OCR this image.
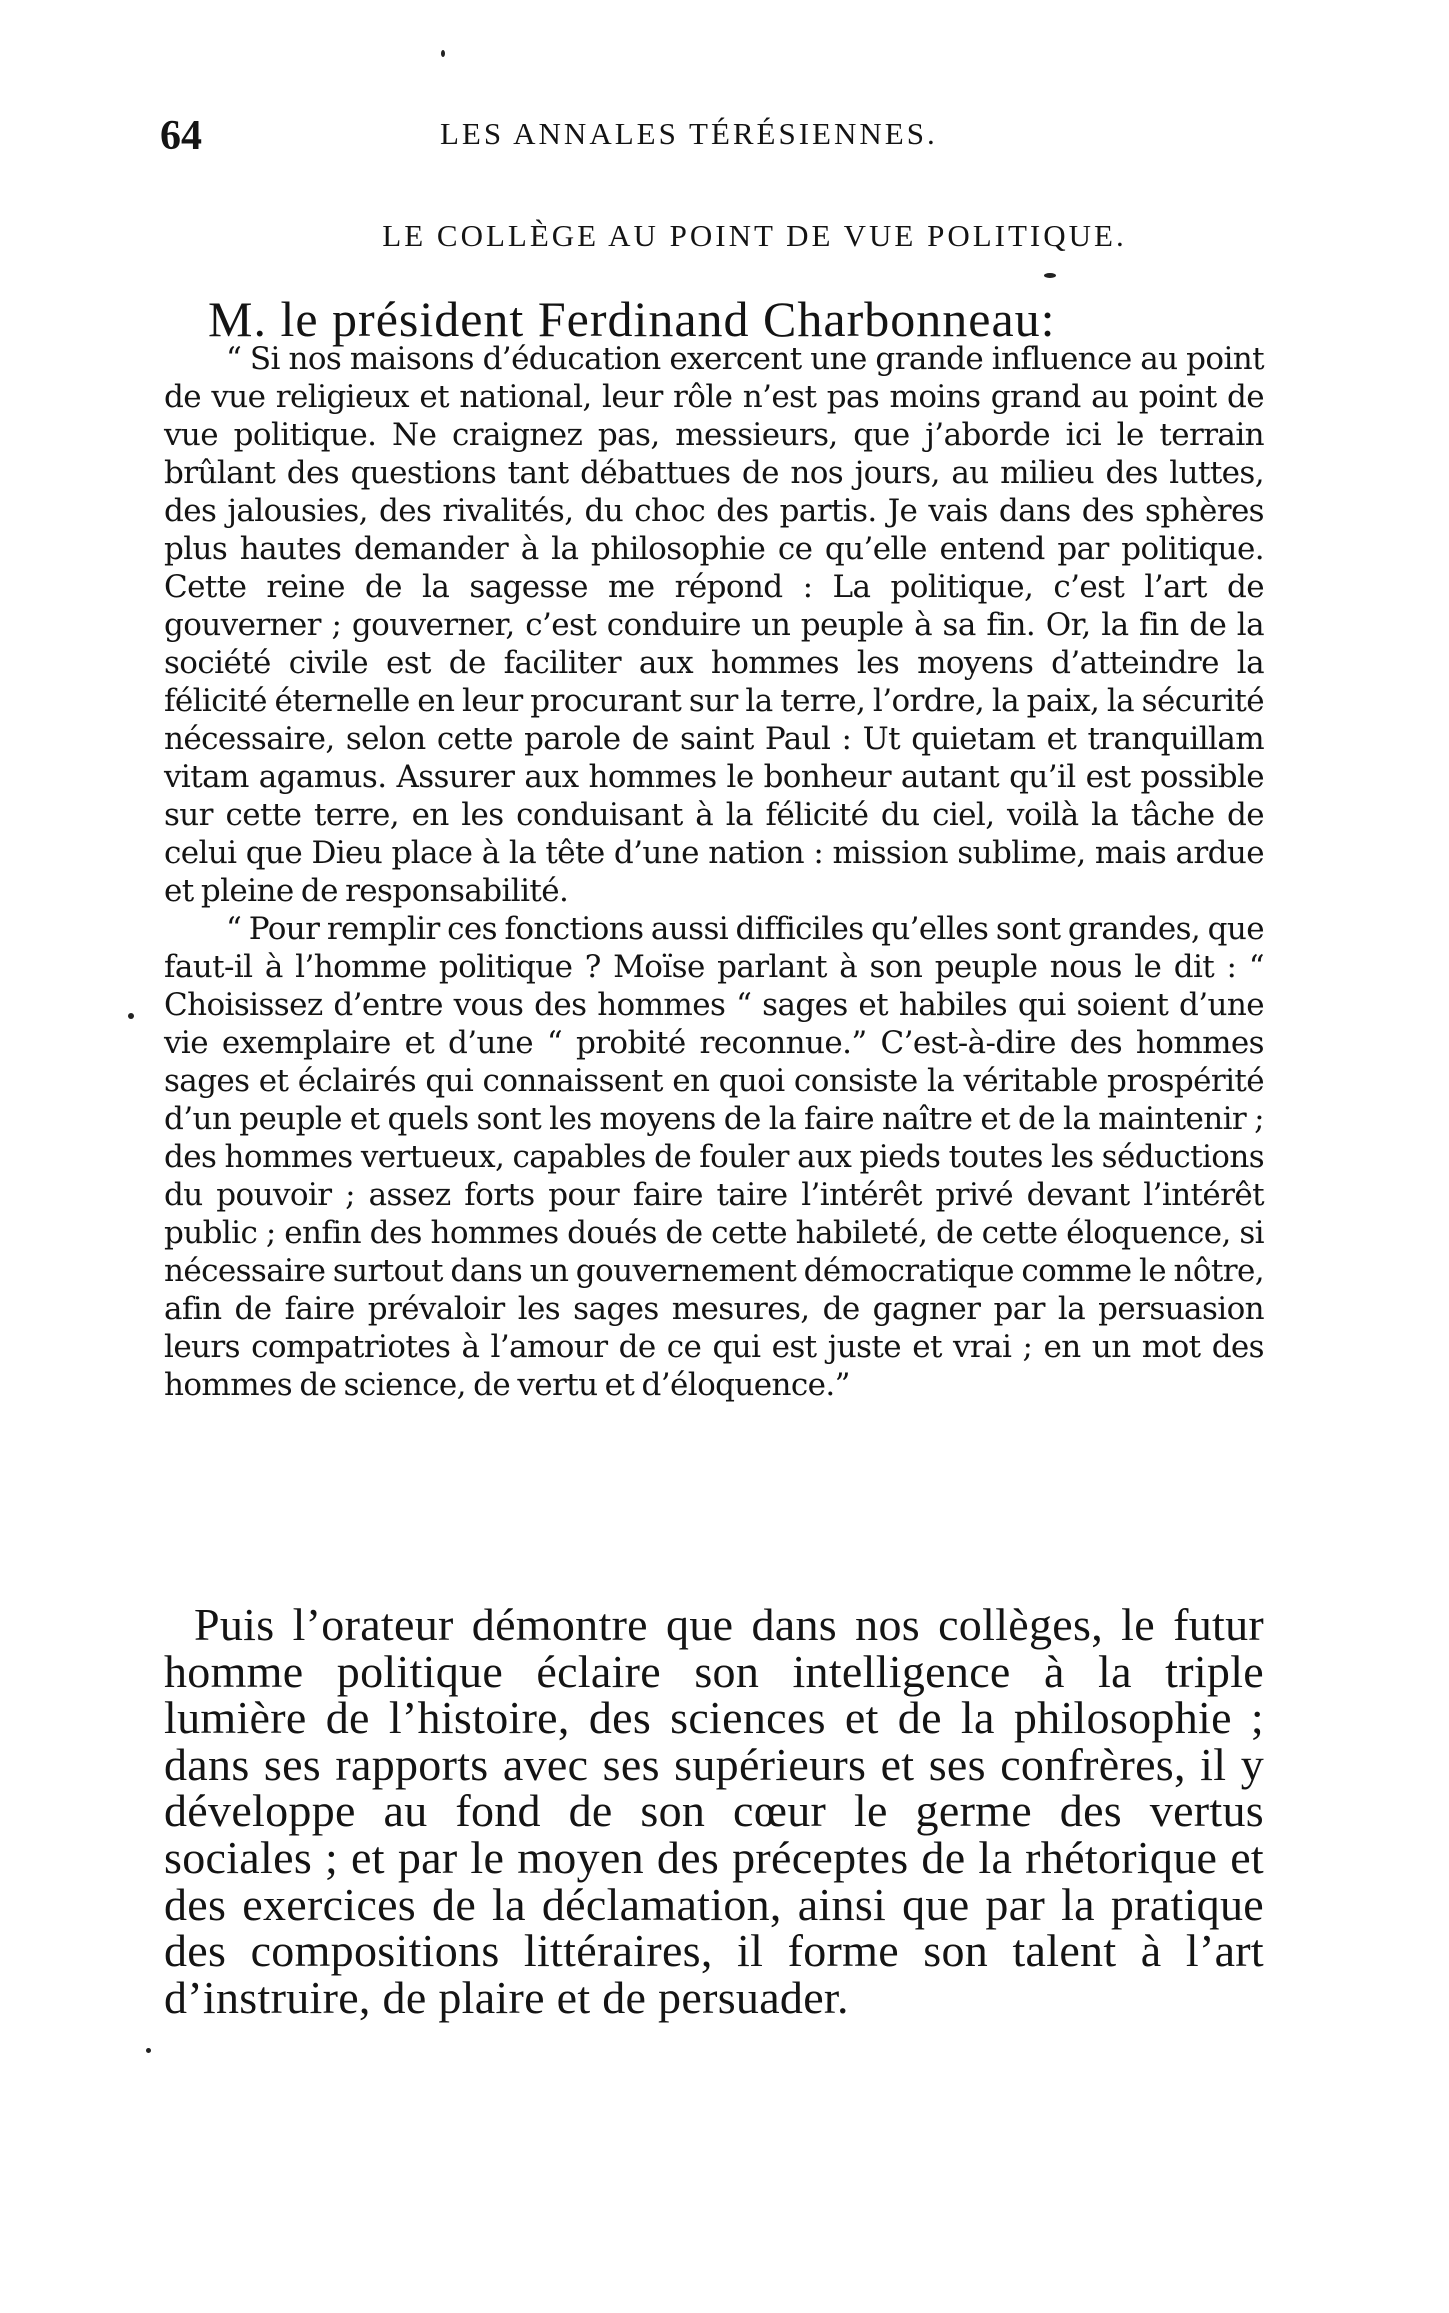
64	LES ANNALES TÉRÉSIENNES.
LE COLLÈGE AU POINT DE VUE POLITIQUE.
M. le président Ferdinand Charbonneau:

“ Si nos maisons d’éducation exercent une grande influence au point de vue religieux et national, leur rôle n’est pas moins grand au point de vue politique. Ne craignez pas, messieurs, que j’aborde ici le terrain brûlant des questions tant débattues de nos jours, au milieu des luttes, des jalousies, des rivalités, du choc des partis. Je vais dans des sphères plus hautes demander à la philosophie ce qu’elle entend par politique. Cette reine de la sagesse me répond : La politique, c’est l’art de gouverner ; gouverner, c’est conduire un peuple à sa fin. Or, la fin de la société civile est de faciliter aux hommes les moyens d’atteindre la félicité éternelle en leur procurant sur la terre, l’ordre, la paix, la sécurité nécessaire, selon cette parole de saint Paul : Ut quietam et tranquillam vitam agamus. Assurer aux hommes le bonheur autant qu’il est possible sur cette terre, en les conduisant à la félicité du ciel, voilà la tâche de celui que Dieu place à la tête d’une nation : mission sublime, mais ardue et pleine de responsabilité.

“ Pour remplir ces fonctions aussi difficiles qu’elles sont grandes, que faut-il à l’homme politique ? Moïse parlant à son peuple nous le dit : “ Choisissez d’entre vous des hommes “ sages et habiles qui soient d’une vie exemplaire et d’une “ probité reconnue.” C’est-à-dire des hommes sages et éclairés qui connaissent en quoi consiste la véritable prospérité d’un peuple et quels sont les moyens de la faire naître et de la maintenir ; des hommes vertueux, capables de fouler aux pieds toutes les séductions du pouvoir ; assez forts pour faire taire l’intérêt privé devant l’intérêt public ; enfin des hommes doués de cette habileté, de cette éloquence, si nécessaire surtout dans un gouvernement démocratique comme le nôtre, afin de faire prévaloir les sages mesures, de gagner par la persuasion leurs compatriotes à l’amour de ce qui est juste et vrai ; en un mot des hommes de science, de vertu et d’éloquence.”

Puis l’orateur démontre que dans nos collèges, le futur homme politique éclaire son intelligence à la triple lumière de l’histoire, des sciences et de la philosophie ; dans ses rapports avec ses supérieurs et ses confrères, il y développe au fond de son cœur le germe des vertus sociales ; et par le moyen des préceptes de la rhétorique et des exercices de la déclamation, ainsi que par la pratique des compositions littéraires, il forme son talent à l’art d’instruire, de plaire et de persuader.
